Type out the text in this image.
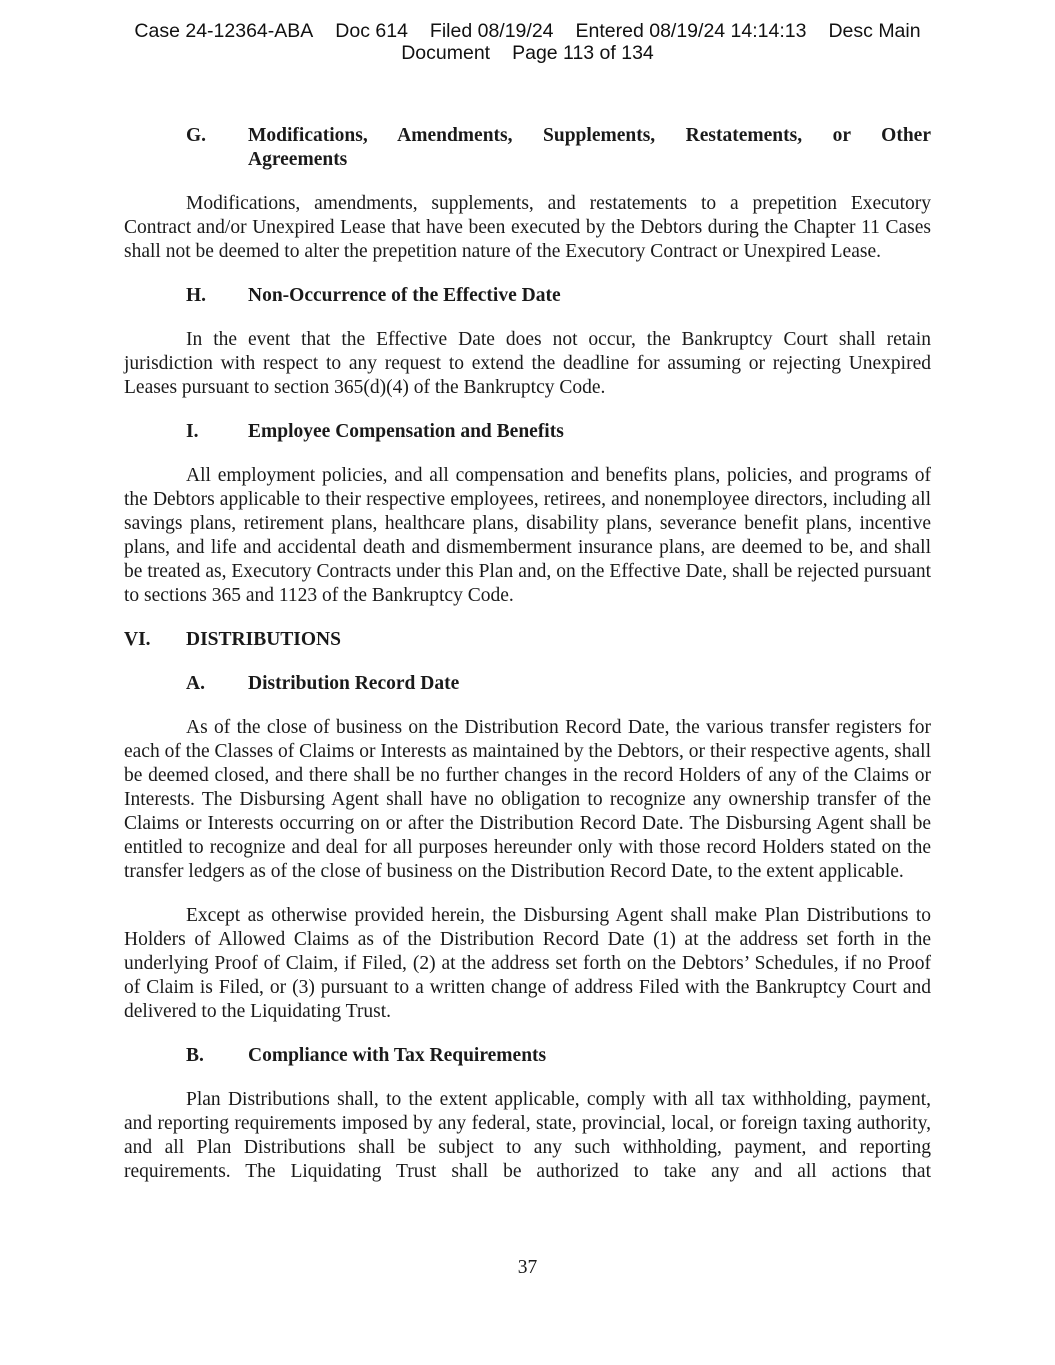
Case 24-12364-ABA Doc 614 Filed 08/19/24 Entered 08/19/24 14:14:13 Desc Main
Document Page 113 of 134
G.	Modifications, Amendments, Supplements, Restatements, or Other
Agreements

Modifications, amendments, supplements, and restatements to a prepetition Executory Contract and/or Unexpired Lease that have been executed by the Debtors during the Chapter 11 Cases shall not be deemed to alter the prepetition nature of the Executory Contract or Unexpired Lease.

H.	Non-Occurrence of the Effective Date

In the event that the Effective Date does not occur, the Bankruptcy Court shall retain jurisdiction with respect to any request to extend the deadline for assuming or rejecting Unexpired Leases pursuant to section 365(d)(4) of the Bankruptcy Code.

I.	Employee Compensation and Benefits

All employment policies, and all compensation and benefits plans, policies, and programs of the Debtors applicable to their respective employees, retirees, and nonemployee directors, including all savings plans, retirement plans, healthcare plans, disability plans, severance benefit plans, incentive plans, and life and accidental death and dismemberment insurance plans, are deemed to be, and shall be treated as, Executory Contracts under this Plan and, on the Effective Date, shall be rejected pursuant to sections 365 and 1123 of the Bankruptcy Code.

VI.	DISTRIBUTIONS
A.	Distribution Record Date

As of the close of business on the Distribution Record Date, the various transfer registers for each of the Classes of Claims or Interests as maintained by the Debtors, or their respective agents, shall be deemed closed, and there shall be no further changes in the record Holders of any of the Claims or Interests. The Disbursing Agent shall have no obligation to recognize any ownership transfer of the Claims or Interests occurring on or after the Distribution Record Date. The Disbursing Agent shall be entitled to recognize and deal for all purposes hereunder only with those record Holders stated on the transfer ledgers as of the close of business on the Distribution Record Date, to the extent applicable.

Except as otherwise provided herein, the Disbursing Agent shall make Plan Distributions to Holders of Allowed Claims as of the Distribution Record Date (1) at the address set forth in the underlying Proof of Claim, if Filed, (2) at the address set forth on the Debtors’ Schedules, if no Proof of Claim is Filed, or (3) pursuant to a written change of address Filed with the Bankruptcy Court and delivered to the Liquidating Trust.

B.	Compliance with Tax Requirements

Plan Distributions shall, to the extent applicable, comply with all tax withholding, payment, and reporting requirements imposed by any federal, state, provincial, local, or foreign taxing authority, and all Plan Distributions shall be subject to any such withholding, payment, and reporting requirements. The Liquidating Trust shall be authorized to take any and all actions that

37
